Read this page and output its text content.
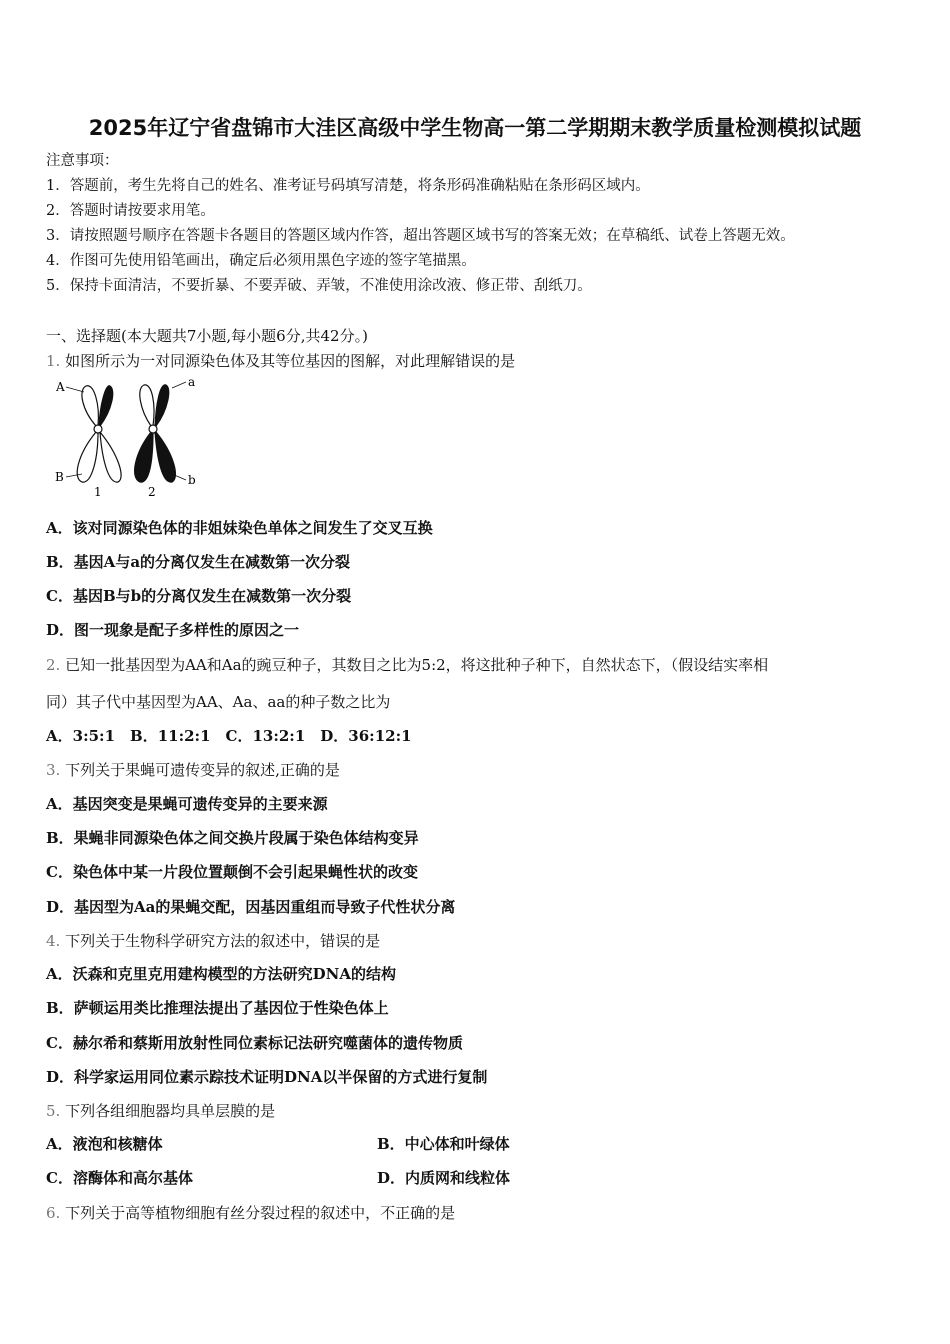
2025年辽宁省盘锦市大洼区高级中学生物高一第二学期期末教学质量检测模拟试题
注意事项：
1．答题前，考生先将自己的姓名、准考证号码填写清楚，将条形码准确粘贴在条形码区域内。
2．答题时请按要求用笔。
3．请按照题号顺序在答题卡各题目的答题区域内作答，超出答题区域书写的答案无效；在草稿纸、试卷上答题无效。
4．作图可先使用铅笔画出，确定后必须用黑色字迹的签字笔描黑。
5．保持卡面清洁，不要折暴、不要弄破、弄皱，不准使用涂改液、修正带、刮纸刀。
一、选择题(本大题共7小题,每小题6分,共42分。)
1. 如图所示为一对同源染色体及其等位基因的图解，对此理解错误的是
A	a
B	b
1	2
A．该对同源染色体的非姐妹染色单体之间发生了交叉互换
B．基因A与a的分离仅发生在减数第一次分裂
C．基因B与b的分离仅发生在减数第一次分裂
D．图一现象是配子多样性的原因之一
2. 已知一批基因型为AA和Aa的豌豆种子，其数目之比为5:2，将这批种子种下，自然状态下，（假设结实率相
同）其子代中基因型为AA、Aa、aa的种子数之比为
A．3:5:1　B．11:2:1　C．13:2:1　D．36:12:1
3. 下列关于果蝇可遗传变异的叙述,正确的是
A．基因突变是果蝇可遗传变异的主要来源
B．果蝇非同源染色体之间交换片段属于染色体结构变异
C．染色体中某一片段位置颠倒不会引起果蝇性状的改变
D．基因型为Aa的果蝇交配，因基因重组而导致子代性状分离
4. 下列关于生物科学研究方法的叙述中，错误的是
A．沃森和克里克用建构模型的方法研究DNA的结构
B．萨顿运用类比推理法提出了基因位于性染色体上
C．赫尔希和蔡斯用放射性同位素标记法研究噬菌体的遗传物质
D．科学家运用同位素示踪技术证明DNA以半保留的方式进行复制
5. 下列各组细胞器均具单层膜的是
A．液泡和核糖体	B．中心体和叶绿体
C．溶酶体和高尔基体	D．内质网和线粒体
6. 下列关于高等植物细胞有丝分裂过程的叙述中，不正确的是
